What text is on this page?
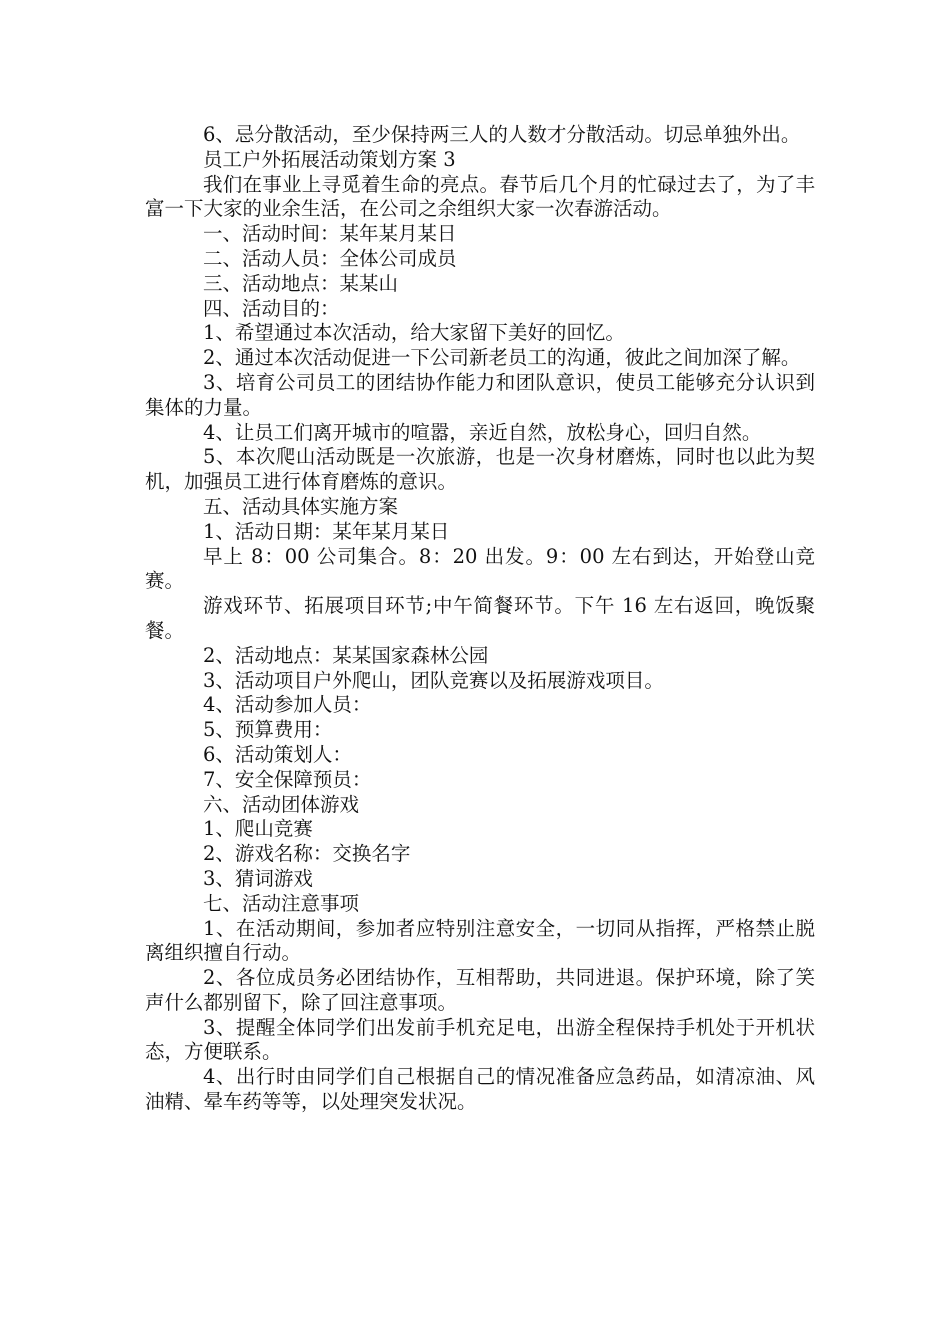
6、忌分散活动，至少保持两三人的人数才分散活动。切忌单独外出。

员工户外拓展活动策划方案 3

我们在事业上寻觅着生命的亮点。春节后几个月的忙碌过去了，为了丰富一下大家的业余生活，在公司之余组织大家一次春游活动。

一、活动时间：某年某月某日

二、活动人员：全体公司成员

三、活动地点：某某山

四、活动目的：

1、希望通过本次活动，给大家留下美好的回忆。

2、通过本次活动促进一下公司新老员工的沟通，彼此之间加深了解。

3、培育公司员工的团结协作能力和团队意识，使员工能够充分认识到集体的力量。

4、让员工们离开城市的喧嚣，亲近自然，放松身心，回归自然。

5、本次爬山活动既是一次旅游，也是一次身材磨炼，同时也以此为契机，加强员工进行体育磨炼的意识。

五、活动具体实施方案

1、活动日期：某年某月某日

早上 8：00 公司集合。8：20 出发。9：00 左右到达，开始登山竞赛。

游戏环节、拓展项目环节;中午简餐环节。下午 16 左右返回，晚饭聚餐。

2、活动地点：某某国家森林公园

3、活动项目户外爬山，团队竞赛以及拓展游戏项目。

4、活动参加人员：

5、预算费用：

6、活动策划人：

7、安全保障预员：

六、活动团体游戏

1、爬山竞赛

2、游戏名称：交换名字

3、猜词游戏

七、活动注意事项

1、在活动期间，参加者应特别注意安全，一切同从指挥，严格禁止脱离组织擅自行动。

2、各位成员务必团结协作，互相帮助，共同进退。保护环境，除了笑声什么都别留下，除了回注意事项。

3、提醒全体同学们出发前手机充足电，出游全程保持手机处于开机状态，方便联系。

4、出行时由同学们自己根据自己的情况准备应急药品，如清凉油、风油精、晕车药等等，以处理突发状况。
